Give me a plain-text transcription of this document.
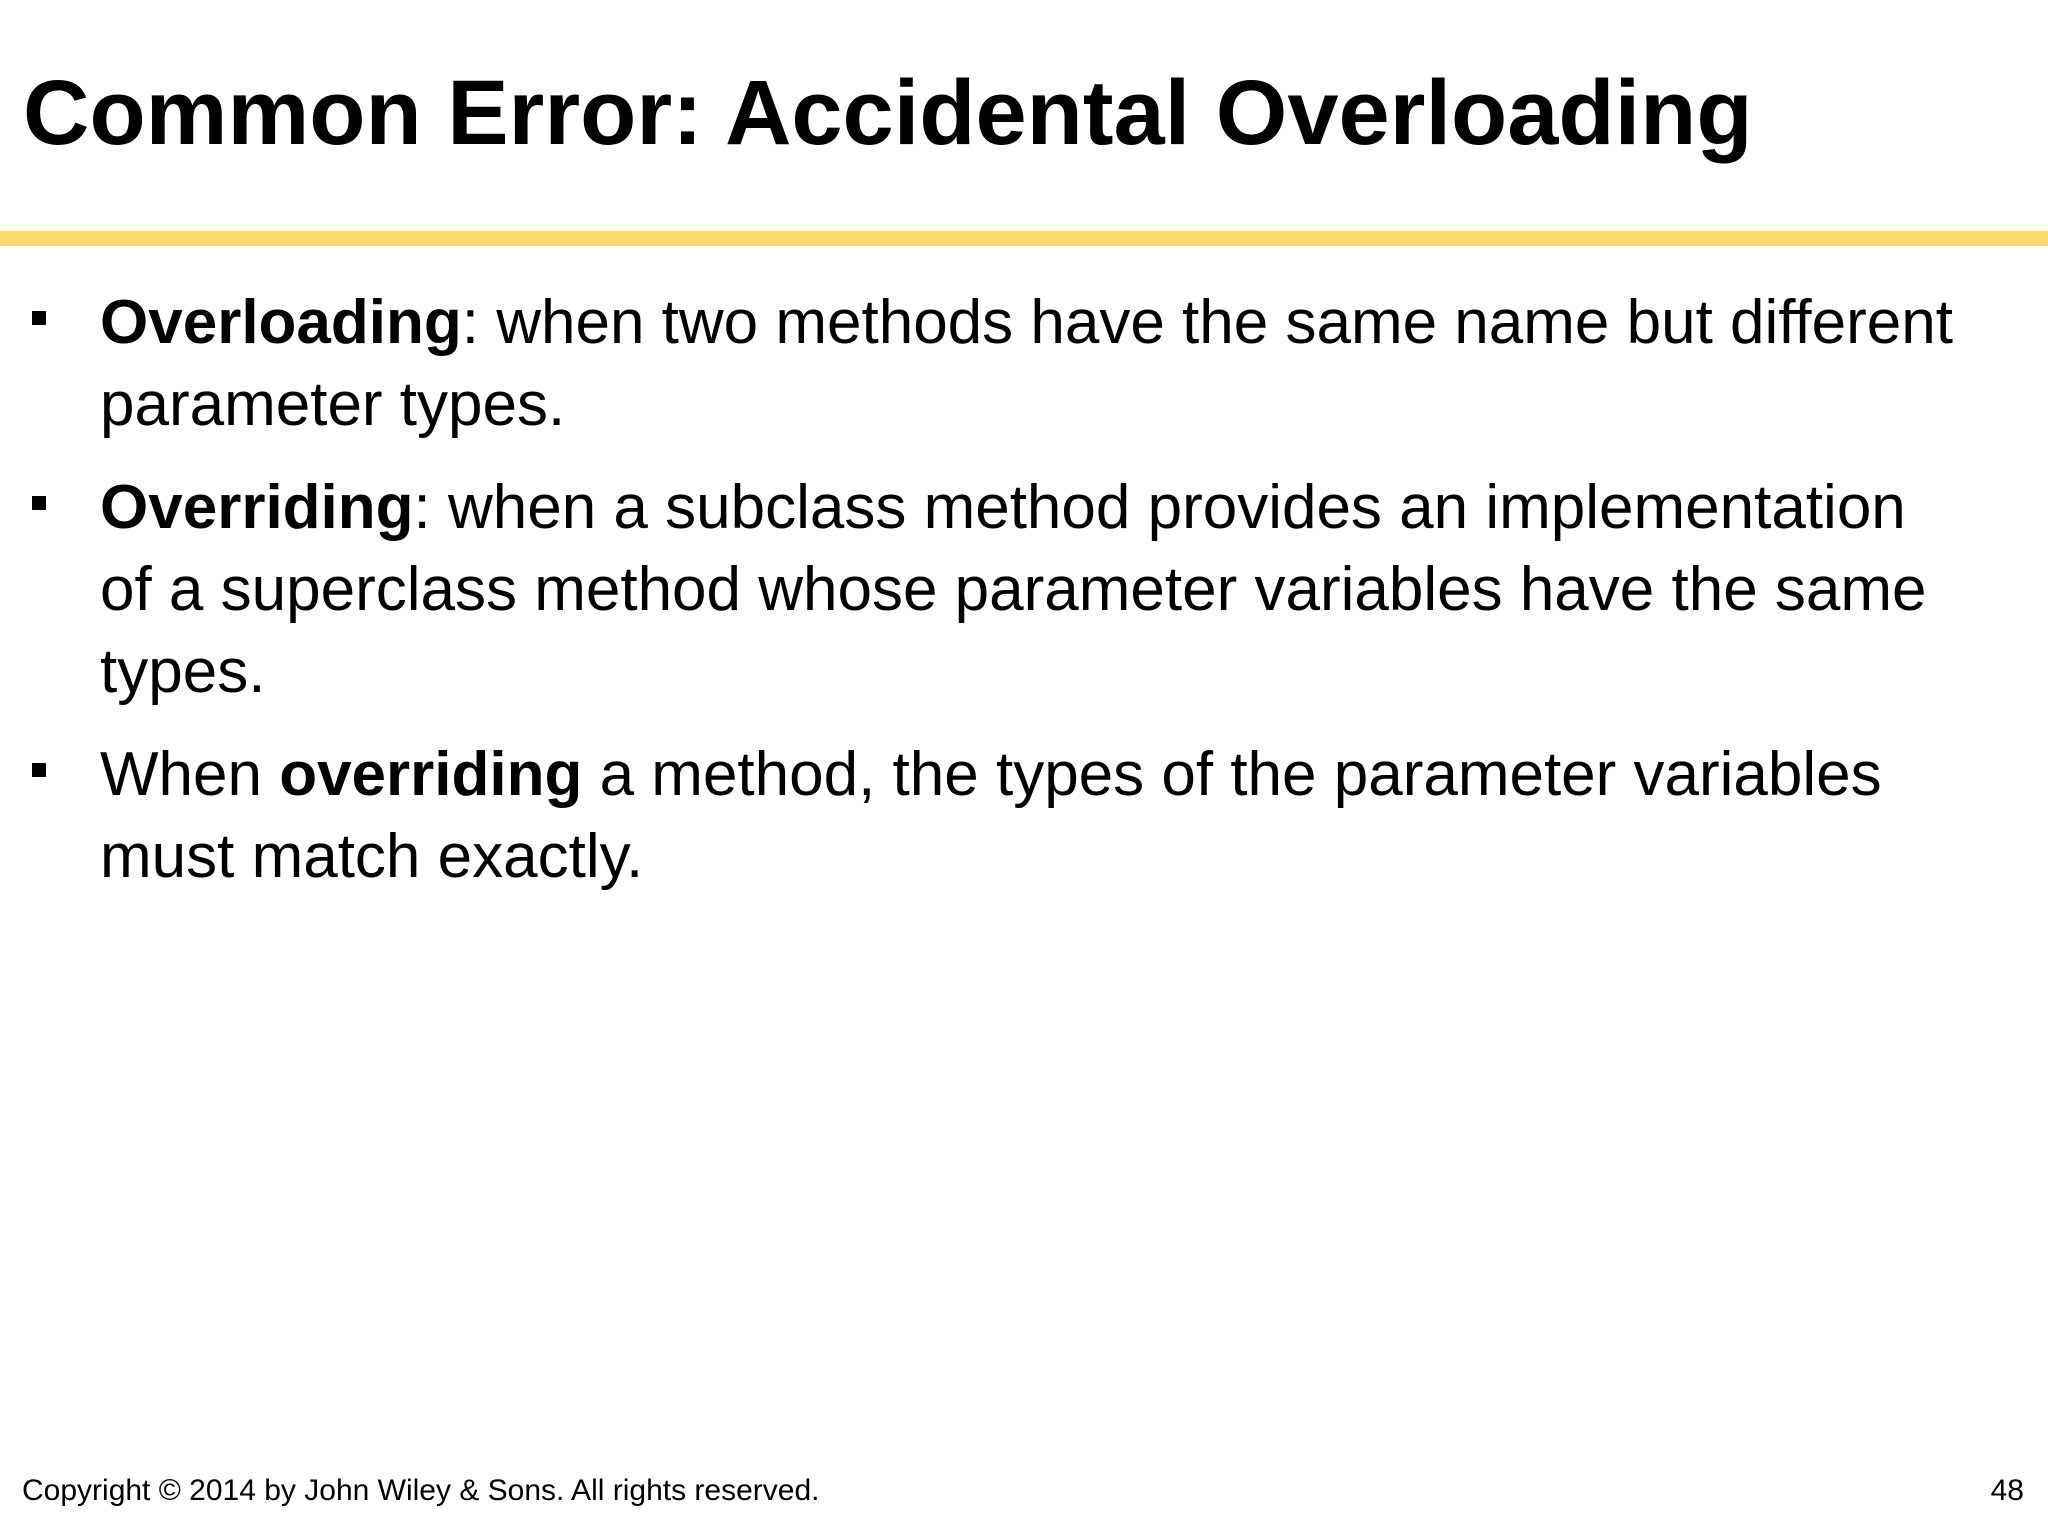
Common Error: Accidental Overloading
Overloading: when two methods have the same name but different parameter types.
Overriding: when a subclass method provides an implementation of a superclass method whose parameter variables have the same types.
When overriding a method, the types of the parameter variables must match exactly.
Copyright © 2014 by John Wiley & Sons. All rights reserved.	48
